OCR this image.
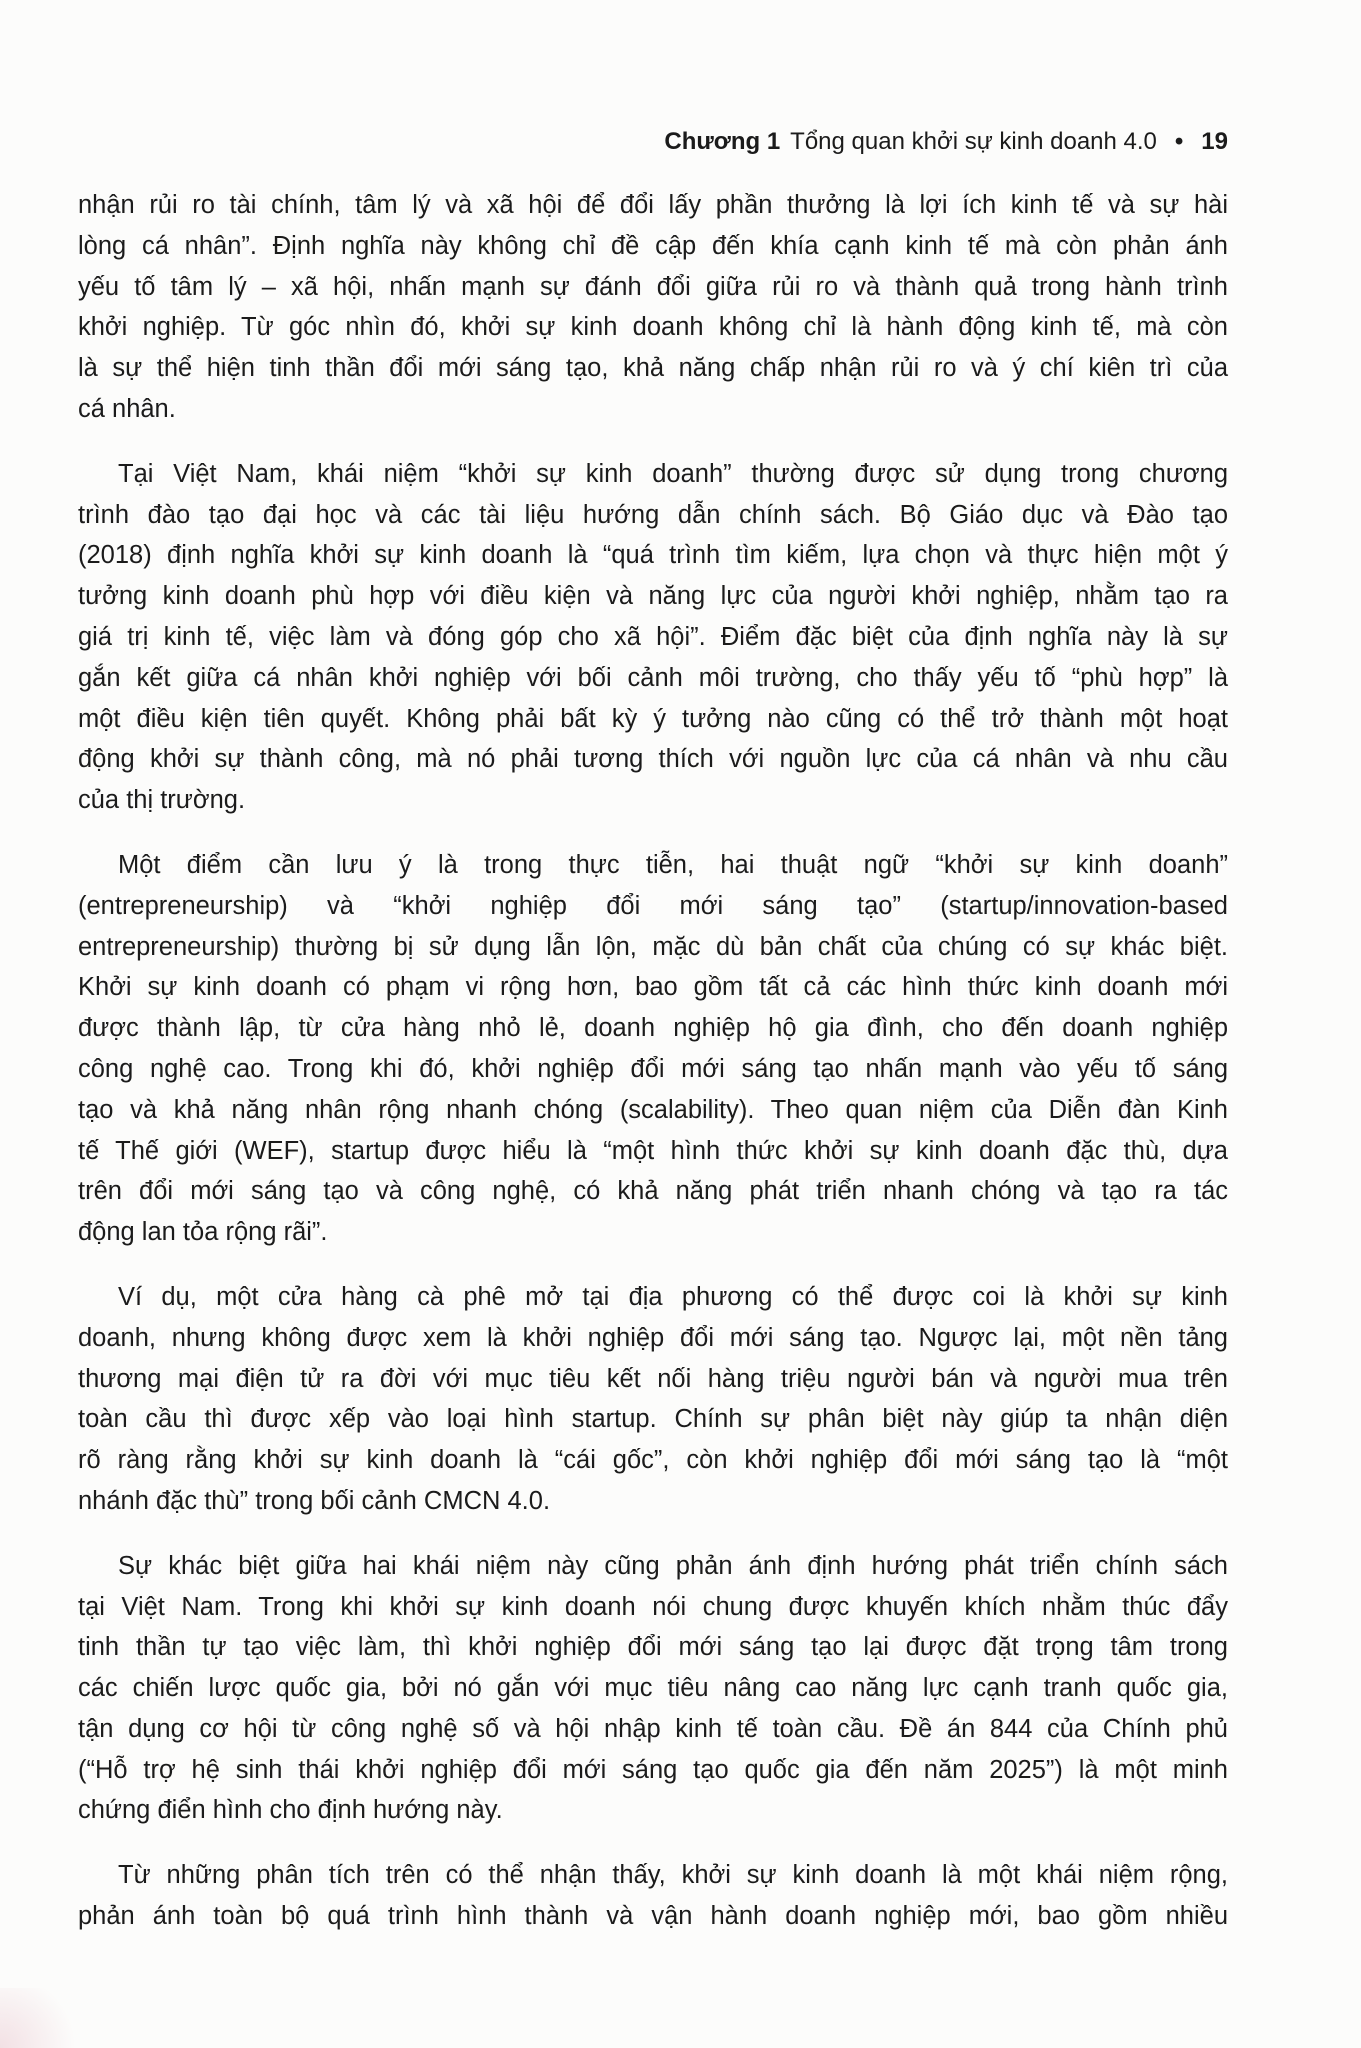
Chương 1 Tổng quan khởi sự kinh doanh 4.0 • 19
nhận rủi ro tài chính, tâm lý và xã hội để đổi lấy phần thưởng là lợi ích kinh tế và sự hài
lòng cá nhân”. Định nghĩa này không chỉ đề cập đến khía cạnh kinh tế mà còn phản ánh
yếu tố tâm lý – xã hội, nhấn mạnh sự đánh đổi giữa rủi ro và thành quả trong hành trình
khởi nghiệp. Từ góc nhìn đó, khởi sự kinh doanh không chỉ là hành động kinh tế, mà còn
là sự thể hiện tinh thần đổi mới sáng tạo, khả năng chấp nhận rủi ro và ý chí kiên trì của
cá nhân.
Tại Việt Nam, khái niệm “khởi sự kinh doanh” thường được sử dụng trong chương
trình đào tạo đại học và các tài liệu hướng dẫn chính sách. Bộ Giáo dục và Đào tạo
(2018) định nghĩa khởi sự kinh doanh là “quá trình tìm kiếm, lựa chọn và thực hiện một ý
tưởng kinh doanh phù hợp với điều kiện và năng lực của người khởi nghiệp, nhằm tạo ra
giá trị kinh tế, việc làm và đóng góp cho xã hội”. Điểm đặc biệt của định nghĩa này là sự
gắn kết giữa cá nhân khởi nghiệp với bối cảnh môi trường, cho thấy yếu tố “phù hợp” là
một điều kiện tiên quyết. Không phải bất kỳ ý tưởng nào cũng có thể trở thành một hoạt
động khởi sự thành công, mà nó phải tương thích với nguồn lực của cá nhân và nhu cầu
của thị trường.
Một điểm cần lưu ý là trong thực tiễn, hai thuật ngữ “khởi sự kinh doanh”
(entrepreneurship) và “khởi nghiệp đổi mới sáng tạo” (startup/innovation-based
entrepreneurship) thường bị sử dụng lẫn lộn, mặc dù bản chất của chúng có sự khác biệt.
Khởi sự kinh doanh có phạm vi rộng hơn, bao gồm tất cả các hình thức kinh doanh mới
được thành lập, từ cửa hàng nhỏ lẻ, doanh nghiệp hộ gia đình, cho đến doanh nghiệp
công nghệ cao. Trong khi đó, khởi nghiệp đổi mới sáng tạo nhấn mạnh vào yếu tố sáng
tạo và khả năng nhân rộng nhanh chóng (scalability). Theo quan niệm của Diễn đàn Kinh
tế Thế giới (WEF), startup được hiểu là “một hình thức khởi sự kinh doanh đặc thù, dựa
trên đổi mới sáng tạo và công nghệ, có khả năng phát triển nhanh chóng và tạo ra tác
động lan tỏa rộng rãi”.
Ví dụ, một cửa hàng cà phê mở tại địa phương có thể được coi là khởi sự kinh
doanh, nhưng không được xem là khởi nghiệp đổi mới sáng tạo. Ngược lại, một nền tảng
thương mại điện tử ra đời với mục tiêu kết nối hàng triệu người bán và người mua trên
toàn cầu thì được xếp vào loại hình startup. Chính sự phân biệt này giúp ta nhận diện
rõ ràng rằng khởi sự kinh doanh là “cái gốc”, còn khởi nghiệp đổi mới sáng tạo là “một
nhánh đặc thù” trong bối cảnh CMCN 4.0.
Sự khác biệt giữa hai khái niệm này cũng phản ánh định hướng phát triển chính sách
tại Việt Nam. Trong khi khởi sự kinh doanh nói chung được khuyến khích nhằm thúc đẩy
tinh thần tự tạo việc làm, thì khởi nghiệp đổi mới sáng tạo lại được đặt trọng tâm trong
các chiến lược quốc gia, bởi nó gắn với mục tiêu nâng cao năng lực cạnh tranh quốc gia,
tận dụng cơ hội từ công nghệ số và hội nhập kinh tế toàn cầu. Đề án 844 của Chính phủ
(“Hỗ trợ hệ sinh thái khởi nghiệp đổi mới sáng tạo quốc gia đến năm 2025”) là một minh
chứng điển hình cho định hướng này.
Từ những phân tích trên có thể nhận thấy, khởi sự kinh doanh là một khái niệm rộng,
phản ánh toàn bộ quá trình hình thành và vận hành doanh nghiệp mới, bao gồm nhiều
